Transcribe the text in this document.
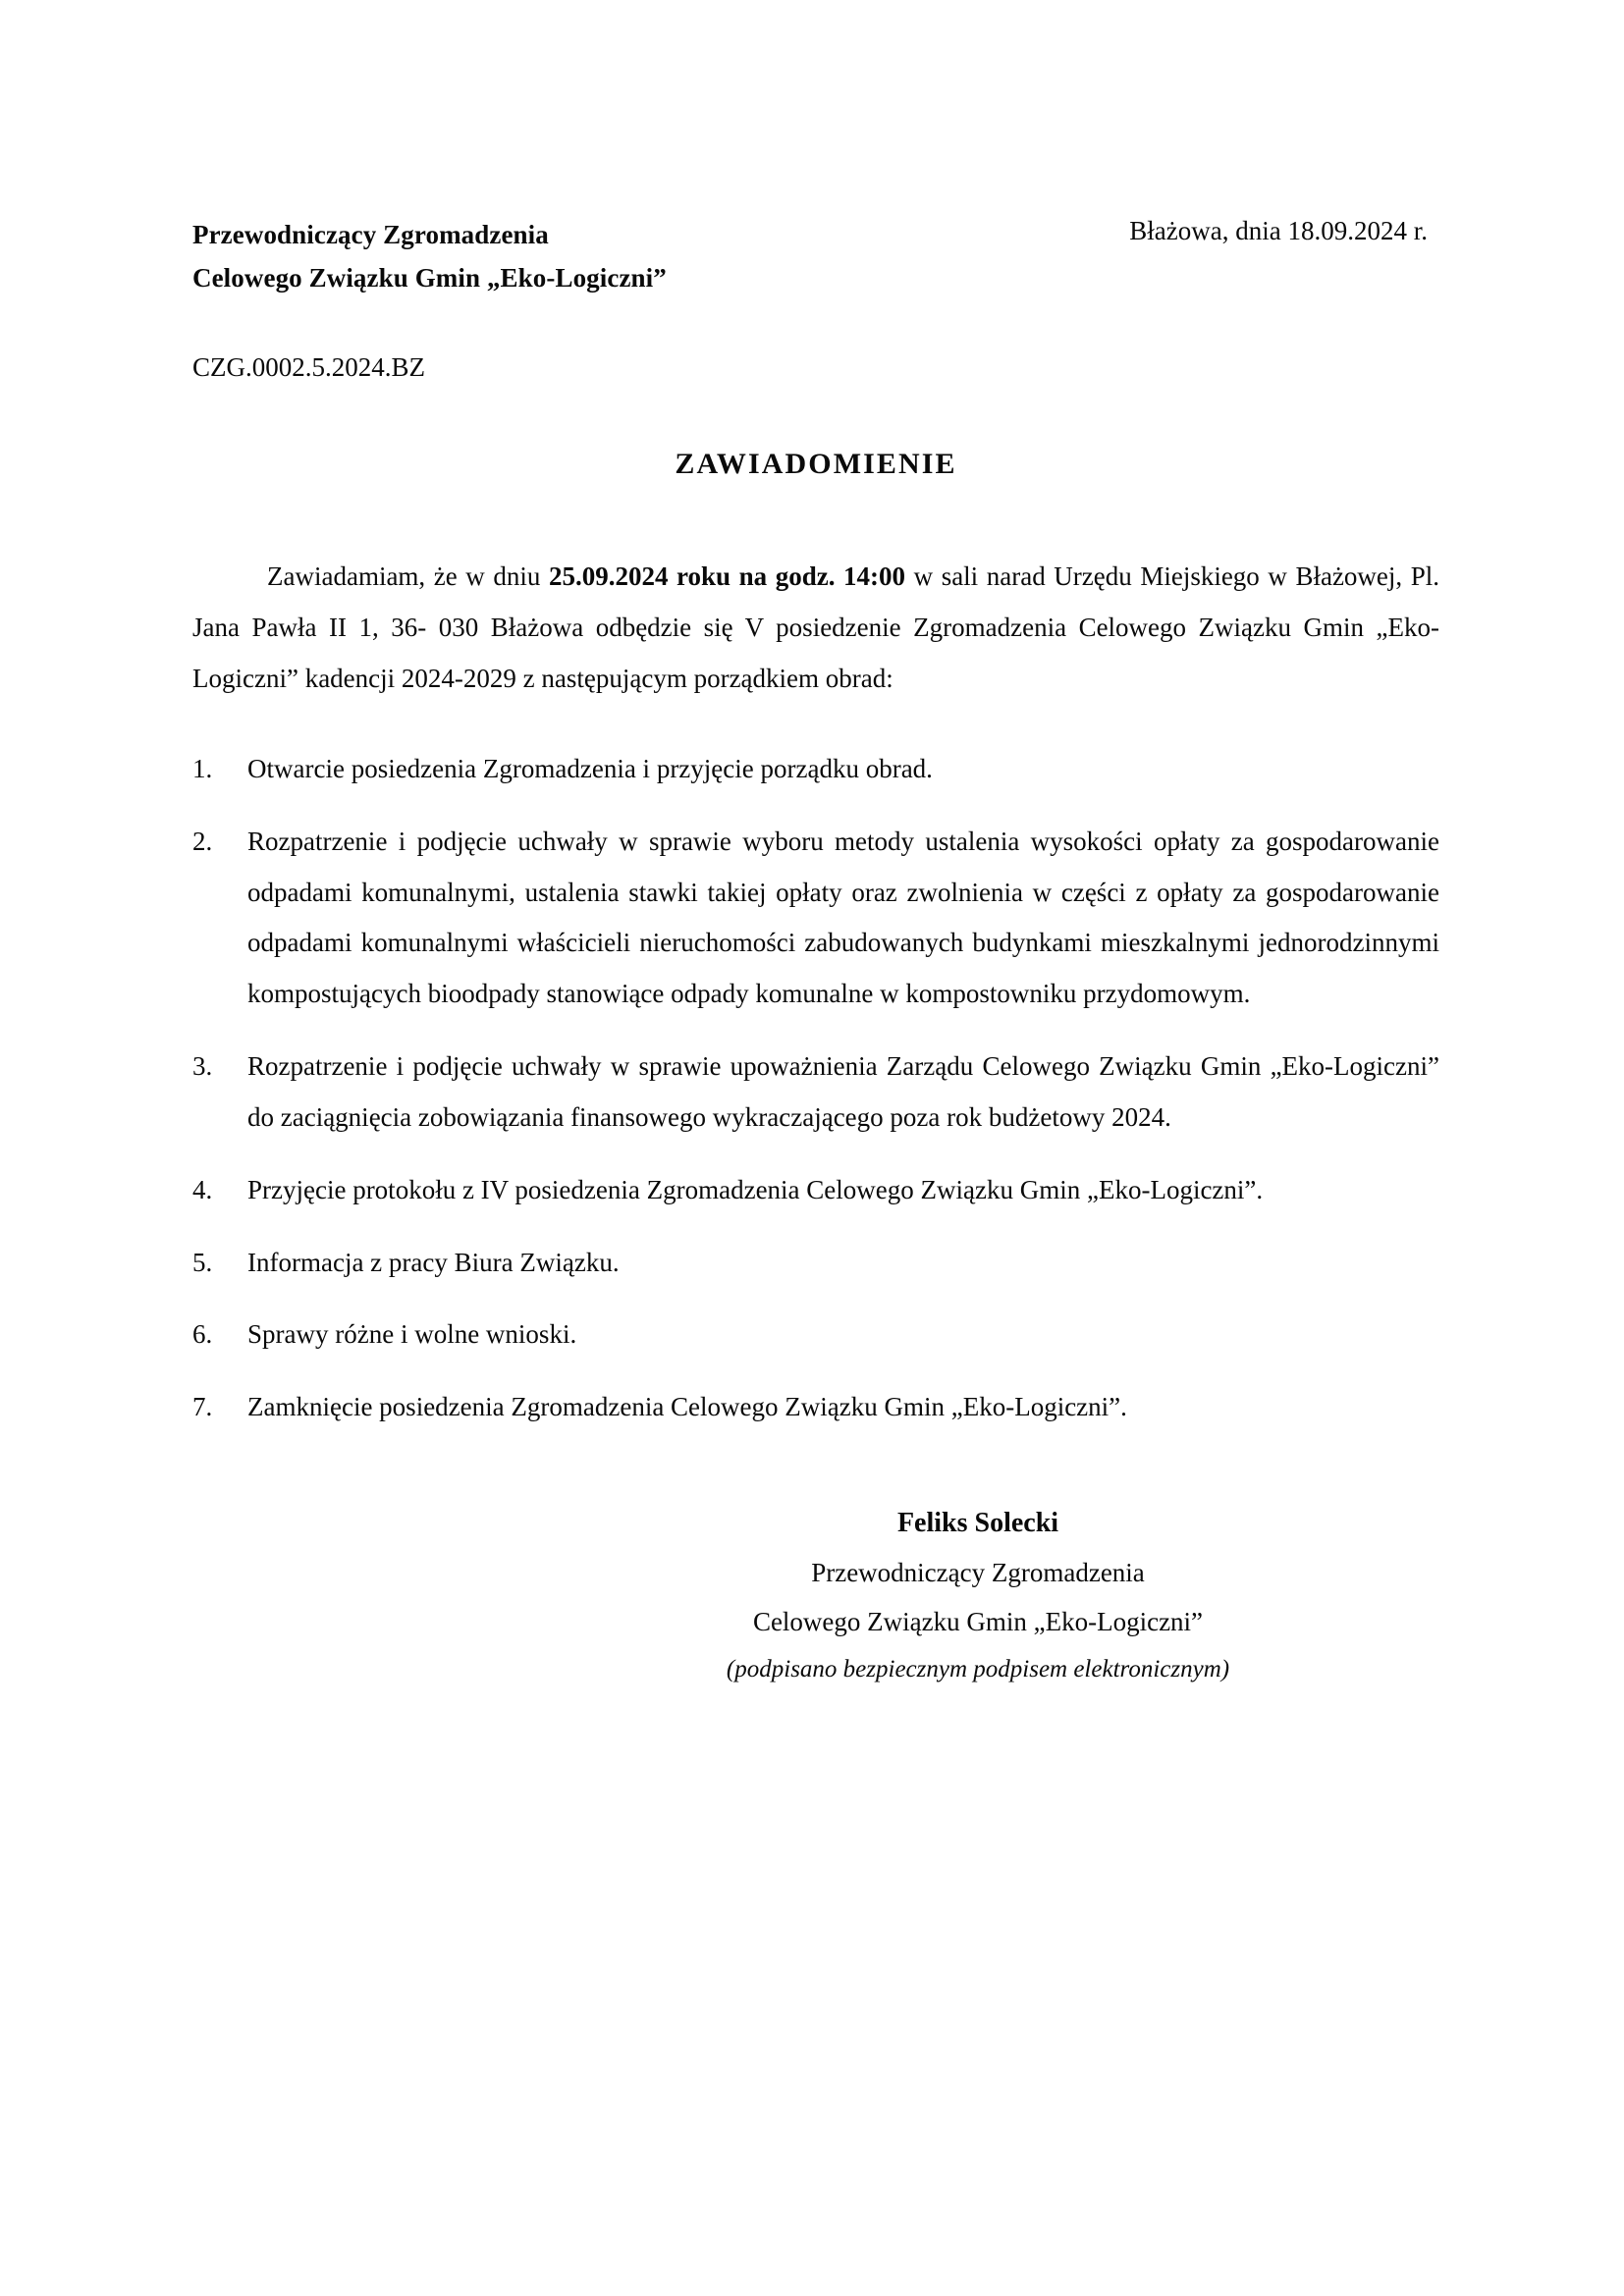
Przewodniczący Zgromadzenia
Celowego Związku Gmin „Eko-Logiczni”
Błażowa, dnia 18.09.2024 r.
CZG.0002.5.2024.BZ
ZAWIADOMIENIE

Zawiadamiam, że w dniu 25.09.2024 roku na godz. 14:00 w sali narad Urzędu Miejskiego w Błażowej, Pl. Jana Pawła II 1, 36- 030 Błażowa odbędzie się V posiedzenie Zgromadzenia Celowego Związku Gmin „Eko- Logiczni” kadencji 2024-2029 z następującym porządkiem obrad:

1.	Otwarcie posiedzenia Zgromadzenia i przyjęcie porządku obrad.
2.	Rozpatrzenie i podjęcie uchwały w sprawie wyboru metody ustalenia wysokości opłaty za gospodarowanie odpadami komunalnymi, ustalenia stawki takiej opłaty oraz zwolnienia w części z opłaty za gospodarowanie odpadami komunalnymi właścicieli nieruchomości zabudowanych budynkami mieszkalnymi jednorodzinnymi kompostujących bioodpady stanowiące odpady komunalne w kompostowniku przydomowym.
3.	Rozpatrzenie i podjęcie uchwały w sprawie upoważnienia Zarządu Celowego Związku Gmin „Eko-Logiczni” do zaciągnięcia zobowiązania finansowego wykraczającego poza rok budżetowy 2024.
4.	Przyjęcie protokołu z IV posiedzenia Zgromadzenia Celowego Związku Gmin „Eko-Logiczni”.
5.	Informacja z pracy Biura Związku.
6.	Sprawy różne i wolne wnioski.
7.	Zamknięcie posiedzenia Zgromadzenia Celowego Związku Gmin „Eko-Logiczni”.
Feliks Solecki
Przewodniczący Zgromadzenia
Celowego Związku Gmin „Eko-Logiczni”
(podpisano bezpiecznym podpisem elektronicznym)
